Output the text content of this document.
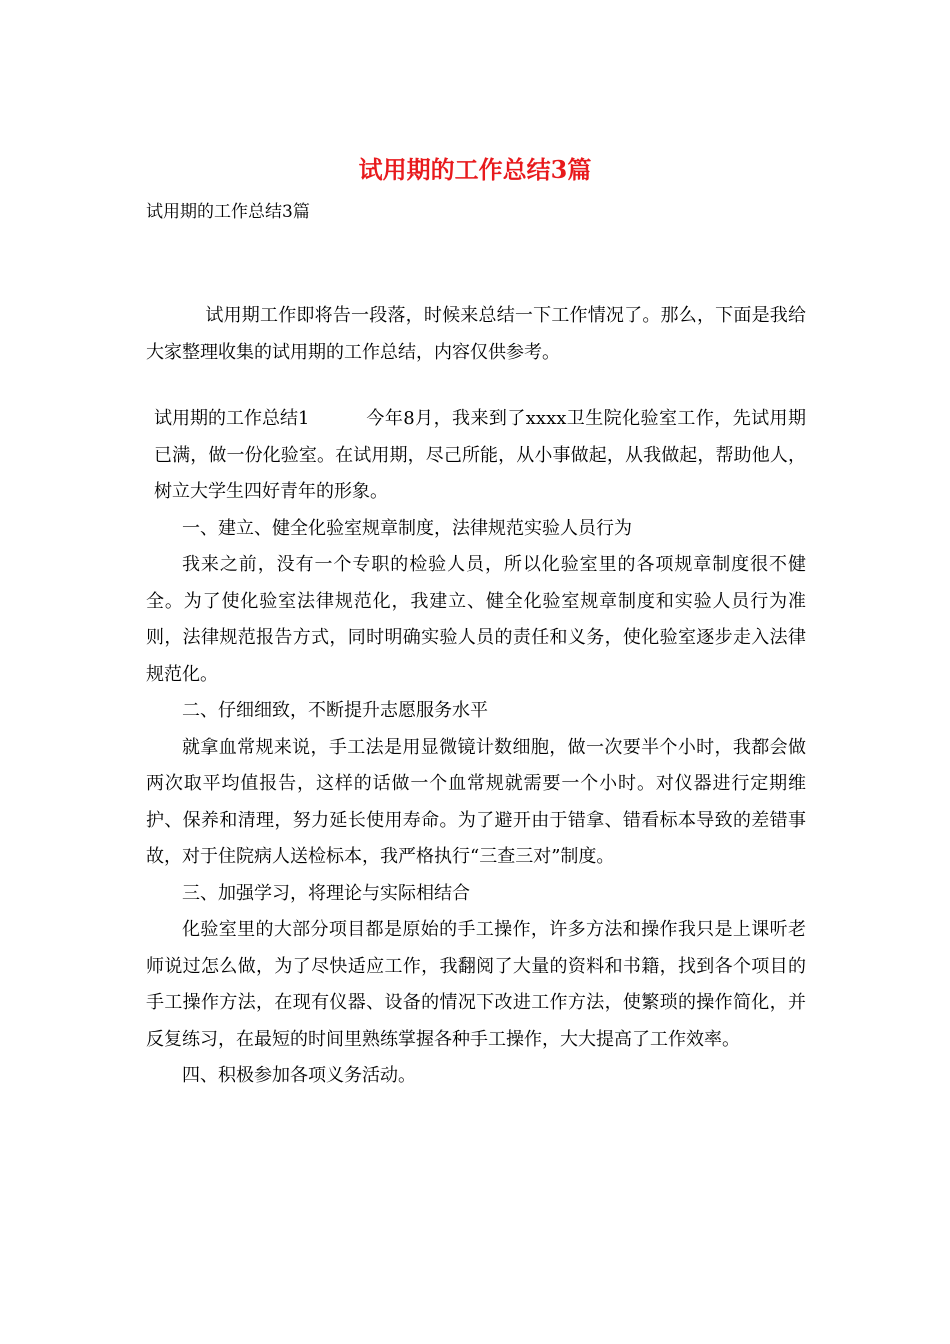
试用期的工作总结3篇

试用期的工作总结3篇

试用期工作即将告一段落，时候来总结一下工作情况了。那么，下面是我给大家整理收集的试用期的工作总结，内容仅供参考。

试用期的工作总结1	今年8月，我来到了xxxx卫生院化验室工作，先试用期已满，做一份化验室。在试用期，尽己所能，从小事做起，从我做起，帮助他人，树立大学生四好青年的形象。

一、建立、健全化验室规章制度，法律规范实验人员行为

我来之前，没有一个专职的检验人员，所以化验室里的各项规章制度很不健全。为了使化验室法律规范化，我建立、健全化验室规章制度和实验人员行为准则，法律规范报告方式，同时明确实验人员的责任和义务，使化验室逐步走入法律规范化。

二、仔细细致，不断提升志愿服务水平

就拿血常规来说，手工法是用显微镜计数细胞，做一次要半个小时，我都会做两次取平均值报告，这样的话做一个血常规就需要一个小时。对仪器进行定期维护、保养和清理，努力延长使用寿命。为了避开由于错拿、错看标本导致的差错事故，对于住院病人送检标本，我严格执行“三查三对”制度。

三、加强学习，将理论与实际相结合

化验室里的大部分项目都是原始的手工操作，许多方法和操作我只是上课听老师说过怎么做，为了尽快适应工作，我翻阅了大量的资料和书籍，找到各个项目的手工操作方法，在现有仪器、设备的情况下改进工作方法，使繁琐的操作简化，并反复练习，在最短的时间里熟练掌握各种手工操作，大大提高了工作效率。

四、积极参加各项义务活动。
